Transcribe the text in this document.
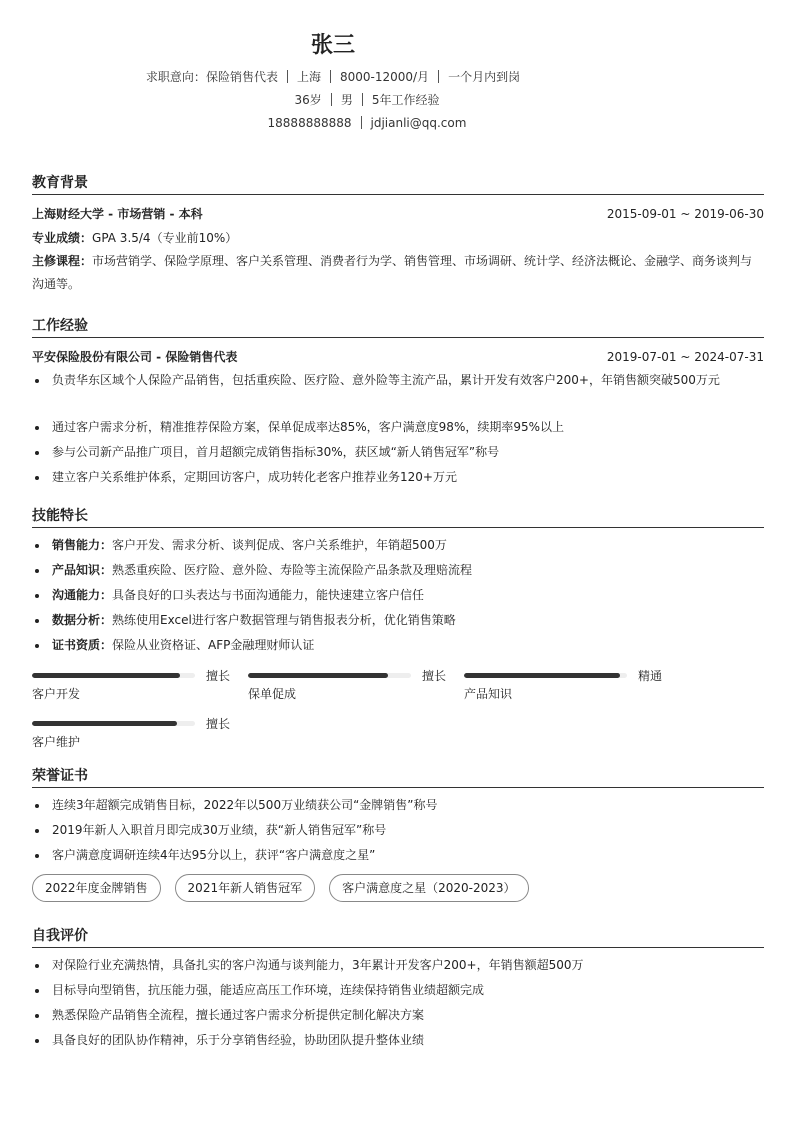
张三
求职意向：保险销售代表 上海 8000-12000/月 一个月内到岗
36岁 男 5年工作经验
18888888888 jdjianli@qq.com
教育背景
上海财经大学 - 市场营销 - 本科	2015-09-01 ~ 2019-06-30
专业成绩：GPA 3.5/4（专业前10%）
主修课程：市场营销学、保险学原理、客户关系管理、消费者行为学、销售管理、市场调研、统计学、经济法概论、金融学、商务谈判与沟通等。
工作经验
平安保险股份有限公司 - 保险销售代表	2019-07-01 ~ 2024-07-31
负责华东区域个人保险产品销售，包括重疾险、医疗险、意外险等主流产品，累计开发有效客户200+，年销售额突破500万元
通过客户需求分析，精准推荐保险方案，保单促成率达85%，客户满意度98%，续期率95%以上
参与公司新产品推广项目，首月超额完成销售指标30%，获区域“新人销售冠军”称号
建立客户关系维护体系，定期回访客户，成功转化老客户推荐业务120+万元
技能特长
销售能力：客户开发、需求分析、谈判促成、客户关系维护，年销超500万
产品知识：熟悉重疾险、医疗险、意外险、寿险等主流保险产品条款及理赔流程
沟通能力：具备良好的口头表达与书面沟通能力，能快速建立客户信任
数据分析：熟练使用Excel进行客户数据管理与销售报表分析，优化销售策略
证书资质：保险从业资格证、AFP金融理财师认证
擅长
客户开发
擅长
保单促成
精通
产品知识
擅长
客户维护
荣誉证书
连续3年超额完成销售目标，2022年以500万业绩获公司“金牌销售”称号
2019年新人入职首月即完成30万业绩，获“新人销售冠军”称号
客户满意度调研连续4年达95分以上，获评“客户满意度之星”
2022年度金牌销售	2021年新人销售冠军	客户满意度之星（2020-2023）
自我评价
对保险行业充满热情，具备扎实的客户沟通与谈判能力，3年累计开发客户200+，年销售额超500万
目标导向型销售，抗压能力强，能适应高压工作环境，连续保持销售业绩超额完成
熟悉保险产品销售全流程，擅长通过客户需求分析提供定制化解决方案
具备良好的团队协作精神，乐于分享销售经验，协助团队提升整体业绩
